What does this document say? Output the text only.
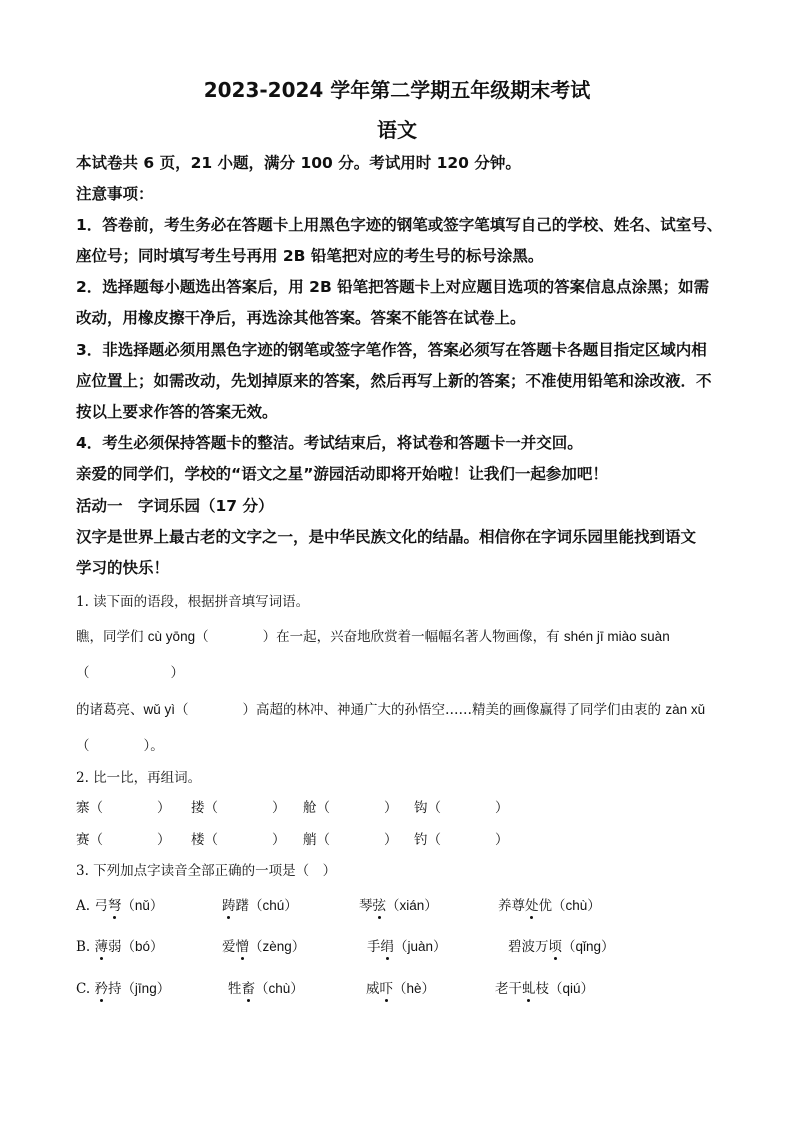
2023-2024 学年第二学期五年级期末考试
语文
本试卷共 6 页，21 小题，满分 100 分。考试用时 120 分钟。
注意事项：
1．答卷前，考生务必在答题卡上用黑色字迹的钢笔或签字笔填写自己的学校、姓名、试室号、
座位号；同时填写考生号再用 2B 铅笔把对应的考生号的标号涂黑。
2．选择题每小题选出答案后，用 2B 铅笔把答题卡上对应题目选项的答案信息点涂黑；如需
改动，用橡皮擦干净后，再选涂其他答案。答案不能答在试卷上。
3．非选择题必须用黑色字迹的钢笔或签字笔作答，答案必须写在答题卡各题目指定区域内相
应位置上；如需改动，先划掉原来的答案，然后再写上新的答案；不准使用铅笔和涂改液．不
按以上要求作答的答案无效。
4．考生必须保持答题卡的整洁。考试结束后，将试卷和答题卡一并交回。
亲爱的同学们，学校的“语文之星”游园活动即将开始啦！让我们一起参加吧！
活动一　字词乐园（17 分）
汉字是世界上最古老的文字之一，是中华民族文化的结晶。相信你在字词乐园里能找到语文
学习的快乐！
1. 读下面的语段，根据拼音填写词语。
瞧，同学们 cù yōng（　　　　）在一起，兴奋地欣赏着一幅幅名著人物画像，有 shén jī miào suàn
（　　　　　　）
的诸葛亮、wǔ yì（　　　　）高超的林冲、神通广大的孙悟空……精美的画像赢得了同学们由衷的 zàn xǔ
（　　　　）。
2. 比一比，再组词。
寨（　　　　） 搂（　　　　） 舱（　　　　） 钩（　　　　）
赛（　　　　） 楼（　　　　） 艄（　　　　） 钓（　　　　）
3. 下列加点字读音全部正确的一项是（　）
A. 弓弩（nǔ）	踌躇（chú）	琴弦（xián）	养尊处优（chù）
B. 薄弱（bó）	爱憎（zèng）	手绢（juàn）	碧波万顷（qǐng）
C. 矜持（jīng）	牲畜（chù）	威吓（hè）	老干虬枝（qiú）
